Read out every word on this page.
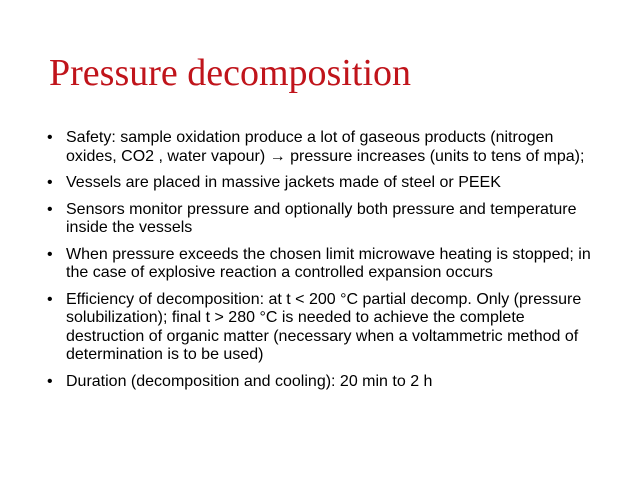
Pressure decomposition
• Safety: sample oxidation produce a lot of gaseous products (nitrogen oxides, CO2 , water vapour) → pressure increases (units to tens of mpa);
• Vessels are placed in massive jackets made of steel or PEEK
• Sensors monitor pressure and optionally both pressure and temperature inside the vessels
• When pressure exceeds the chosen limit microwave heating is stopped; in the case of explosive reaction a controlled expansion occurs
• Efficiency of decomposition: at t < 200 °C partial decomp. Only (pressure solubilization); final t > 280 °C is needed to achieve the complete destruction of organic matter (necessary when a voltammetric method of determination is to be used)
• Duration (decomposition and cooling): 20 min to 2 h
